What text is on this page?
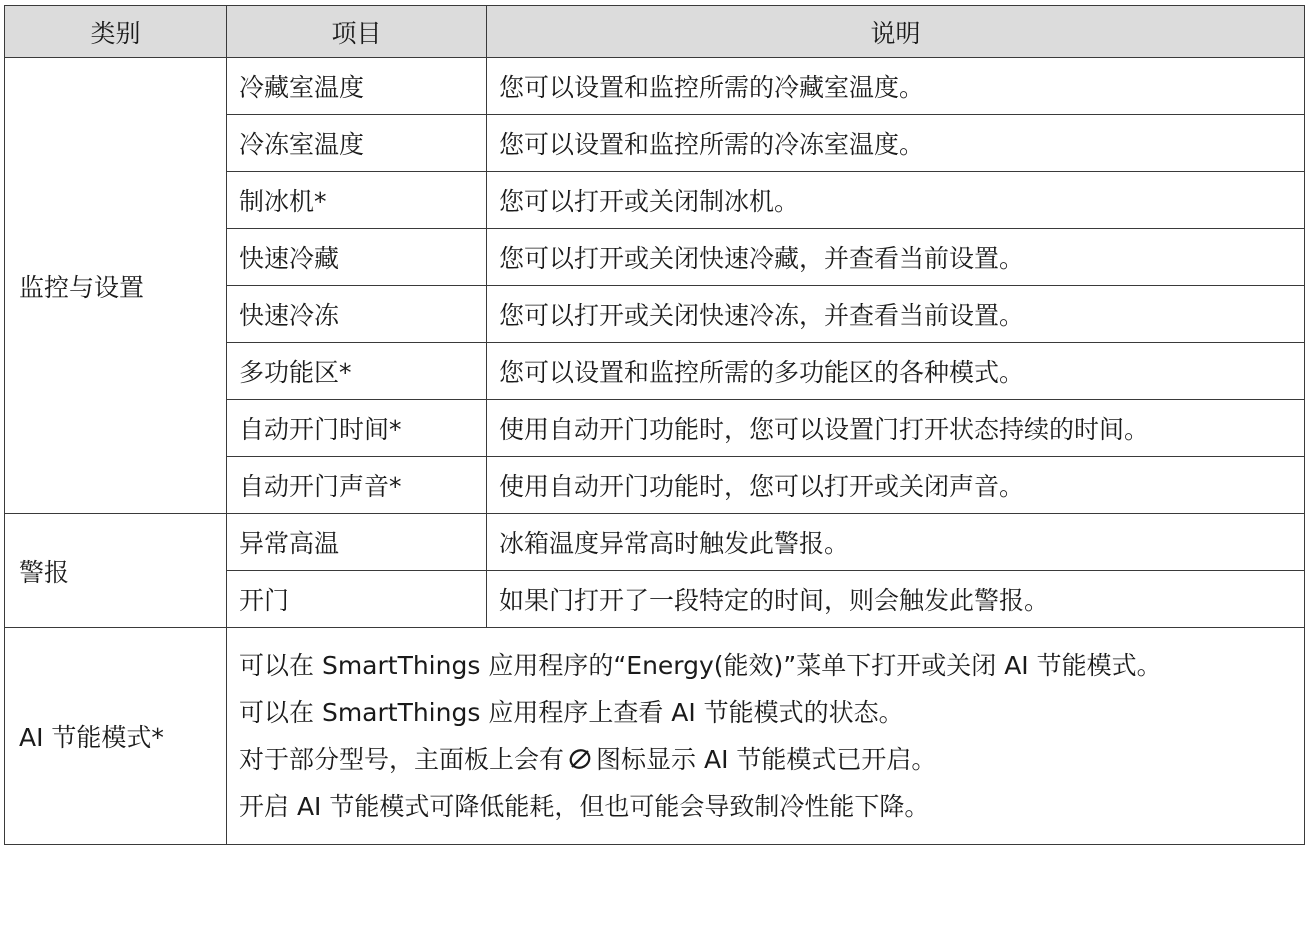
类别	项目	说明
监控与设置	冷藏室温度	您可以设置和监控所需的冷藏室温度。
	冷冻室温度	您可以设置和监控所需的冷冻室温度。
	制冰机*	您可以打开或关闭制冰机。
	快速冷藏	您可以打开或关闭快速冷藏，并查看当前设置。
	快速冷冻	您可以打开或关闭快速冷冻，并查看当前设置。
	多功能区*	您可以设置和监控所需的多功能区的各种模式。
	自动开门时间*	使用自动开门功能时，您可以设置门打开状态持续的时间。
	自动开门声音*	使用自动开门功能时，您可以打开或关闭声音。
警报	异常高温	冰箱温度异常高时触发此警报。
	开门	如果门打开了一段特定的时间，则会触发此警报。
AI 节能模式*	可以在 SmartThings 应用程序的“Energy(能效)”菜单下打开或关闭 AI 节能模式。
可以在 SmartThings 应用程序上查看 AI 节能模式的状态。
对于部分型号，主面板上会有 图标显示 AI 节能模式已开启。
开启 AI 节能模式可降低能耗，但也可能会导致制冷性能下降。	
